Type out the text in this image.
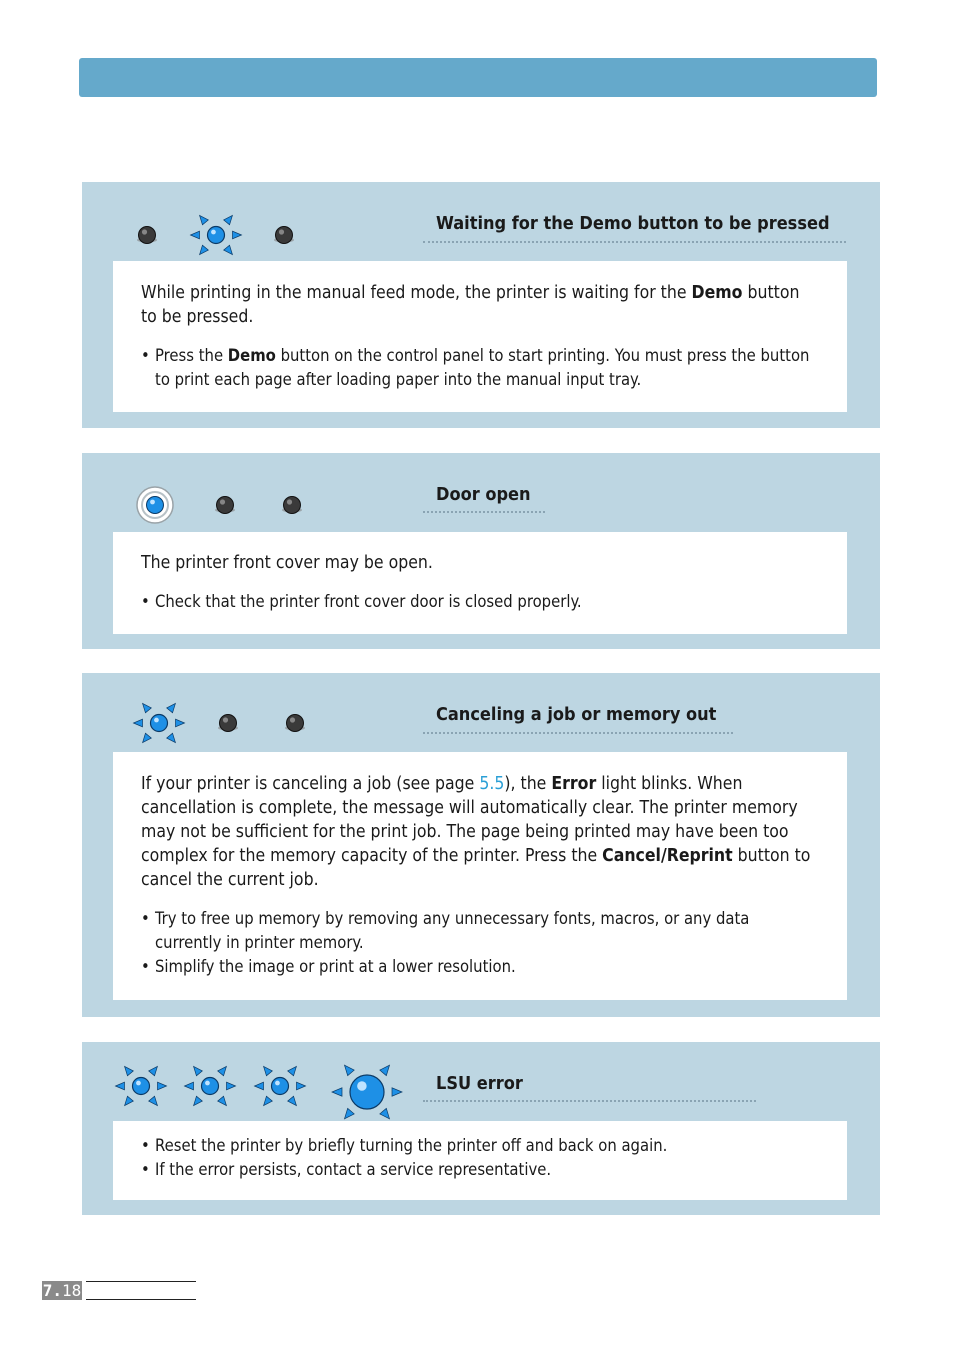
Waiting for the Demo button to be pressed

While printing in the manual feed mode, the printer is waiting for the Demo button to be pressed.

• Press the Demo button on the control panel to start printing. You must press the button to print each page after loading paper into the manual input tray.
Door open

The printer front cover may be open.

• Check that the printer front cover door is closed properly.
Canceling a job or memory out

If your printer is canceling a job (see page 5.5), the Error light blinks. When cancellation is complete, the message will automatically clear. The printer memory may not be sufficient for the print job. The page being printed may have been too complex for the memory capacity of the printer. Press the Cancel/Reprint button to cancel the current job.

• Try to free up memory by removing any unnecessary fonts, macros, or any data currently in printer memory.
• Simplify the image or print at a lower resolution.
LSU error
• Reset the printer by briefly turning the printer off and back on again.
• If the error persists, contact a service representative.
7.18
